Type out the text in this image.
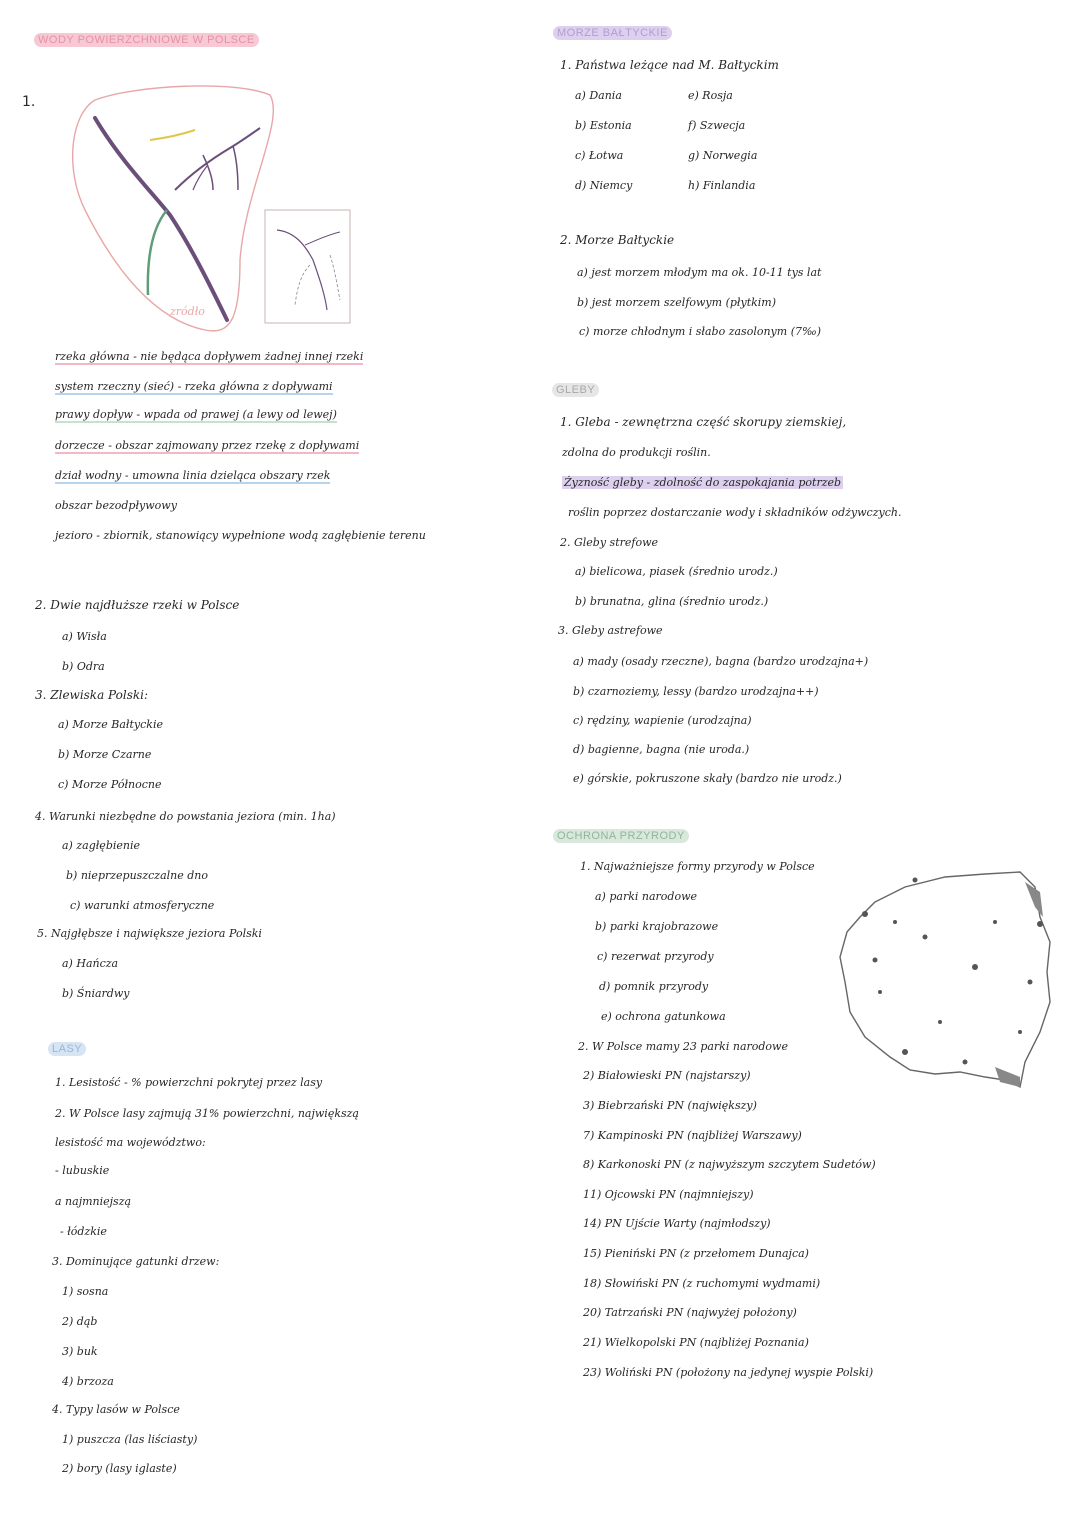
WODY POWIERZCHNIOWE W POLSCE
1.
zródło
rzeka główna - nie będąca dopływem żadnej innej rzeki
system rzeczny (sieć) - rzeka główna z dopływami
prawy dopływ - wpada od prawej (a lewy od lewej)
dorzecze - obszar zajmowany przez rzekę z dopływami
dział wodny - umowna linia dzieląca obszary rzek
obszar bezodpływowy
jezioro - zbiornik, stanowiący wypełnione wodą zagłębienie terenu
2. Dwie najdłuższe rzeki w Polsce
a) Wisła
b) Odra
3. Zlewiska Polski:
a) Morze Bałtyckie
b) Morze Czarne
c) Morze Północne
4. Warunki niezbędne do powstania jeziora (min. 1ha)
a) zagłębienie
b) nieprzepuszczalne dno
c) warunki atmosferyczne
5. Najgłębsze i największe jeziora Polski
a) Hańcza
b) Śniardwy
LASY
1. Lesistość - % powierzchni pokrytej przez lasy
2. W Polsce lasy zajmują 31% powierzchni, największą
lesistość ma województwo:
- lubuskie
a najmniejszą
- łódzkie
3. Dominujące gatunki drzew:
1) sosna
2) dąb
3) buk
4) brzoza
4. Typy lasów w Polsce
1) puszcza (las liściasty)
2) bory (lasy iglaste)
MORZE BAŁTYCKIE
1. Państwa leżące nad M. Bałtyckim
a) Dania
b) Estonia
c) Łotwa
d) Niemcy
e) Rosja
f) Szwecja
g) Norwegia
h) Finlandia
2. Morze Bałtyckie
a) jest morzem młodym ma ok. 10-11 tys lat
b) jest morzem szelfowym (płytkim)
c) morze chłodnym i słabo zasolonym (7‰)
GLEBY
1. Gleba - zewnętrzna część skorupy ziemskiej,
zdolna do produkcji roślin.
Żyzność gleby - zdolność do zaspokajania potrzeb
roślin poprzez dostarczanie wody i składników odżywczych.
2. Gleby strefowe
a) bielicowa, piasek (średnio urodz.)
b) brunatna, glina (średnio urodz.)
3. Gleby astrefowe
a) mady (osady rzeczne), bagna (bardzo urodzajna+)
b) czarnoziemy, lessy (bardzo urodzajna++)
c) rędziny, wapienie (urodzajna)
d) bagienne, bagna (nie uroda.)
e) górskie, pokruszone skały (bardzo nie urodz.)
OCHRONA PRZYRODY
1. Najważniejsze formy przyrody w Polsce
a) parki narodowe
b) parki krajobrazowe
c) rezerwat przyrody
d) pomnik przyrody
e) ochrona gatunkowa
2. W Polsce mamy 23 parki narodowe
2) Białowieski PN (najstarszy)
3) Biebrzański PN (największy)
7) Kampinoski PN (najbliżej Warszawy)
8) Karkonoski PN (z najwyższym szczytem Sudetów)
11) Ojcowski PN (najmniejszy)
14) PN Ujście Warty (najmłodszy)
15) Pieniński PN (z przełomem Dunajca)
18) Słowiński PN (z ruchomymi wydmami)
20) Tatrzański PN (najwyżej położony)
21) Wielkopolski PN (najbliżej Poznania)
23) Woliński PN (położony na jedynej wyspie Polski)
